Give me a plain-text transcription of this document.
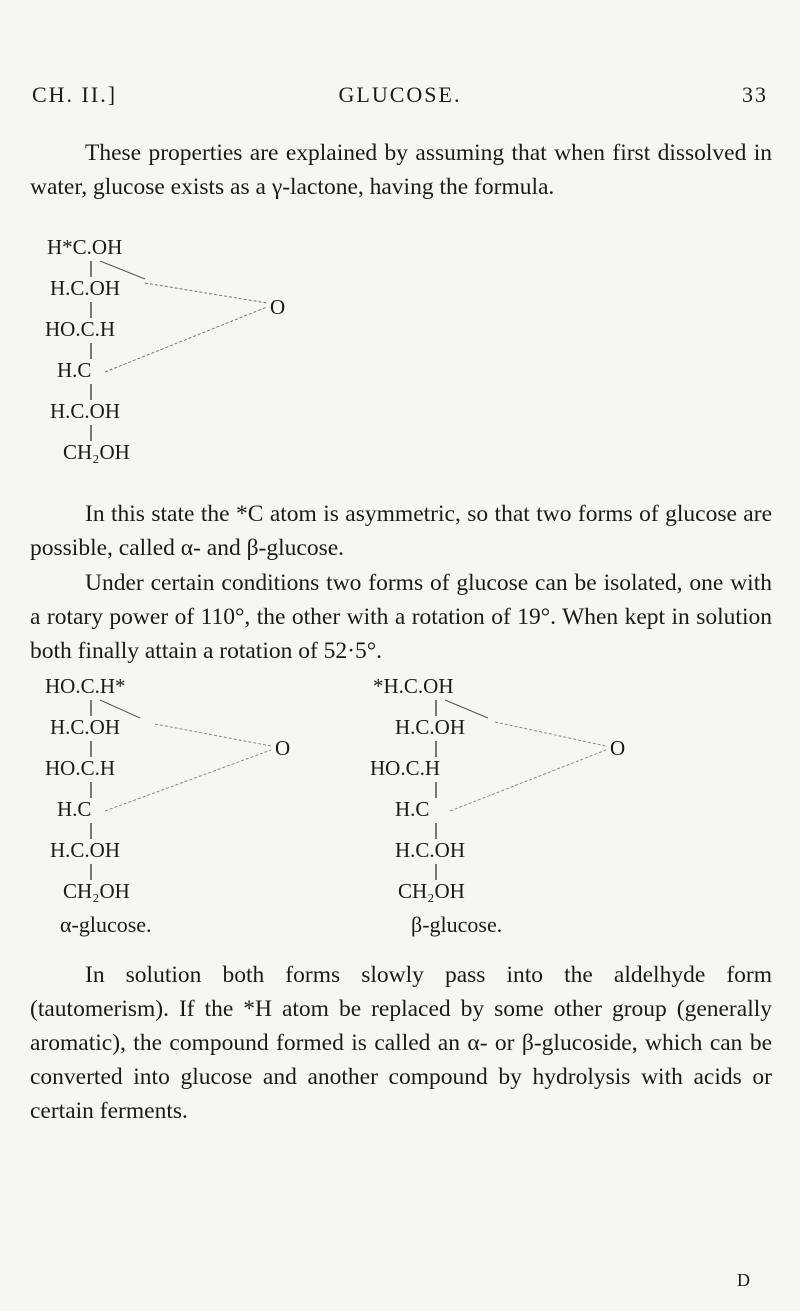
CH. II.]	GLUCOSE.	33

These properties are explained by assuming that when first dissolved in water, glucose exists as a γ-lactone, having the formula.

H*C.OH
H.C.OH
HO.C.H
H.C
H.C.OH
CH₂OH
O

In this state the *C atom is asymmetric, so that two forms of glucose are possible, called α- and β-glucose.

Under certain conditions two forms of glucose can be isolated, one with a rotary power of 110°, the other with a rotation of 19°. When kept in solution both finally attain a rotation of 52·5°.

HO.C.H*
H.C.OH
HO.C.H
H.C
H.C.OH
CH₂OH
O
α-glucose.
*H.C.OH
H.C.OH
HO.C.H
H.C
H.C.OH
CH₂OH
O
β-glucose.

In solution both forms slowly pass into the aldelhyde form (tautomerism). If the *H atom be replaced by some other group (generally aromatic), the compound formed is called an α- or β-glucoside, which can be converted into glucose and another compound by hydrolysis with acids or certain ferments.

D
